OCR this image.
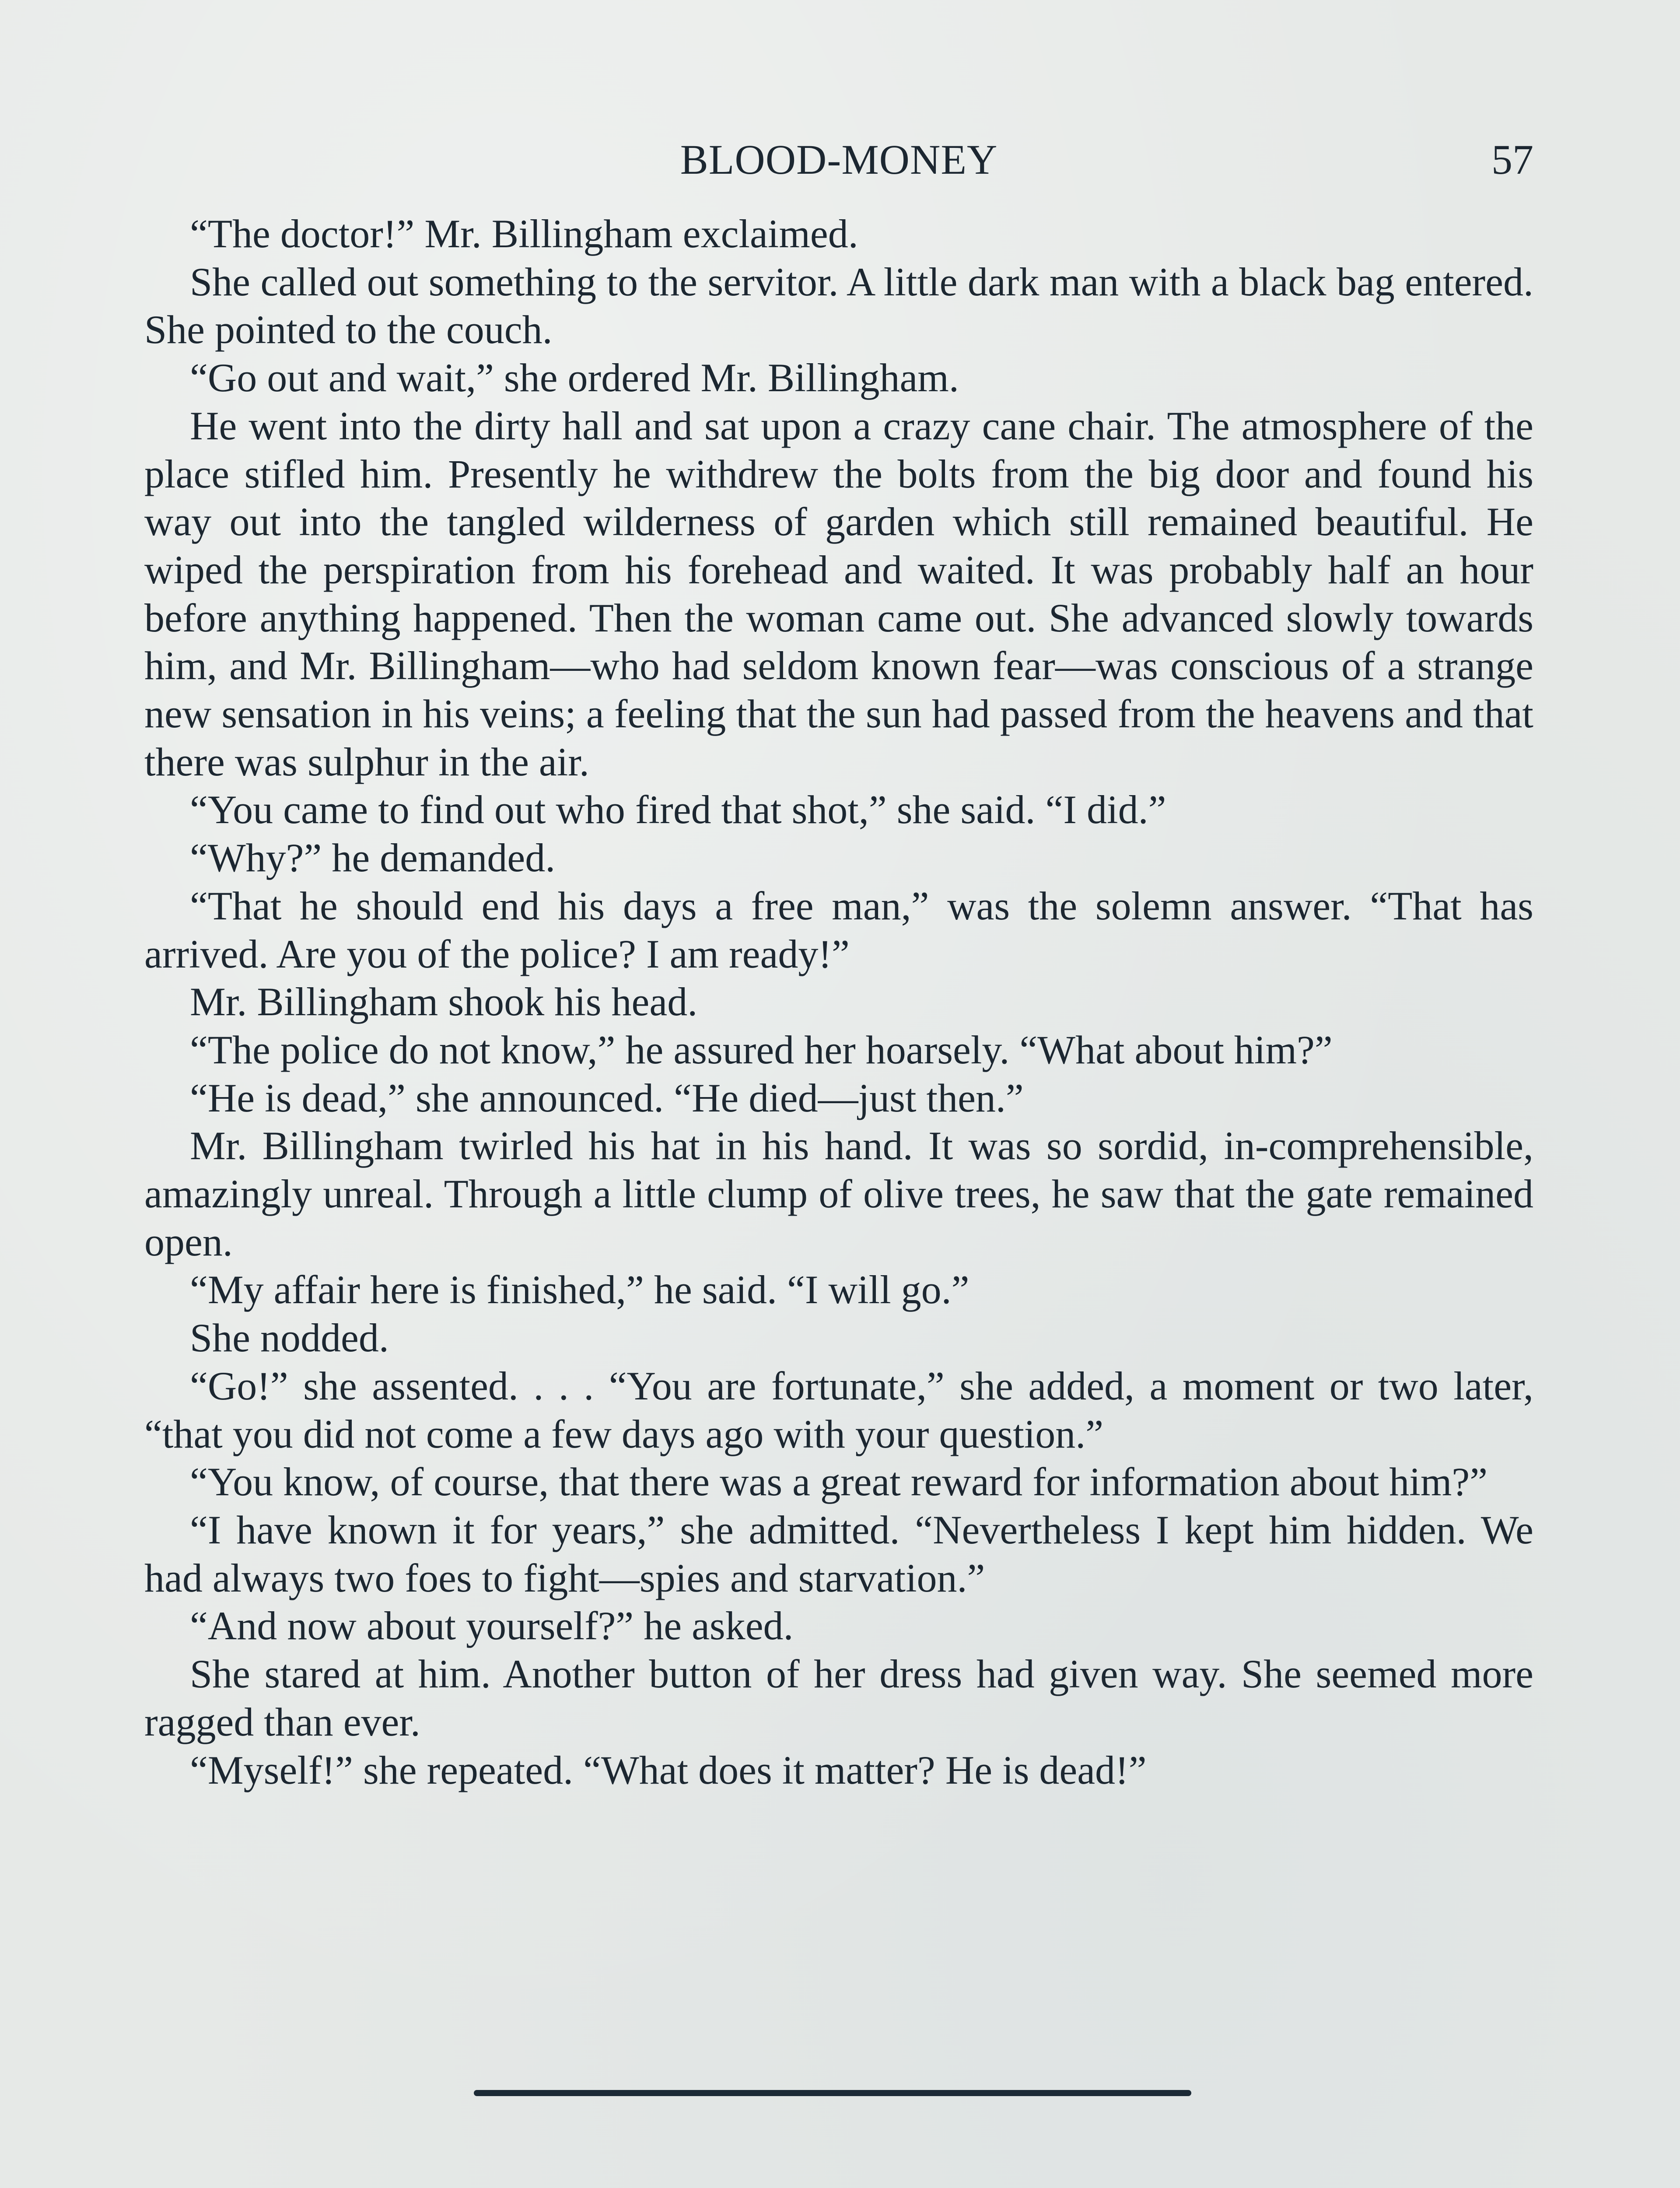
BLOOD-MONEY	57

“The doctor!” Mr. Billingham exclaimed.

She called out something to the servitor. A little dark man with a black bag entered. She pointed to the couch.

“Go out and wait,” she ordered Mr. Billingham.

He went into the dirty hall and sat upon a crazy cane chair. The atmosphere of the place stifled him. Presently he withdrew the bolts from the big door and found his way out into the tangled wilderness of garden which still remained beautiful. He wiped the perspiration from his forehead and waited. It was probably half an hour before anything happened. Then the woman came out. She advanced slowly towards him, and Mr. Billingham—who had seldom known fear—was conscious of a strange new sensation in his veins; a feeling that the sun had passed from the heavens and that there was sulphur in the air.

“You came to find out who fired that shot,” she said. “I did.”

“Why?” he demanded.

“That he should end his days a free man,” was the solemn answer. “That has arrived. Are you of the police? I am ready!”

Mr. Billingham shook his head.

“The police do not know,” he assured her hoarsely. “What about him?”

“He is dead,” she announced. “He died—just then.”

Mr. Billingham twirled his hat in his hand. It was so sordid, in-comprehensible, amazingly unreal. Through a little clump of olive trees, he saw that the gate remained open.

“My affair here is finished,” he said. “I will go.”

She nodded.

“Go!” she assented. . . . “You are fortunate,” she added, a moment or two later, “that you did not come a few days ago with your question.”

“You know, of course, that there was a great reward for information about him?”

“I have known it for years,” she admitted. “Nevertheless I kept him hidden. We had always two foes to fight—spies and starvation.”

“And now about yourself?” he asked.

She stared at him. Another button of her dress had given way. She seemed more ragged than ever.

“Myself!” she repeated. “What does it matter? He is dead!”
